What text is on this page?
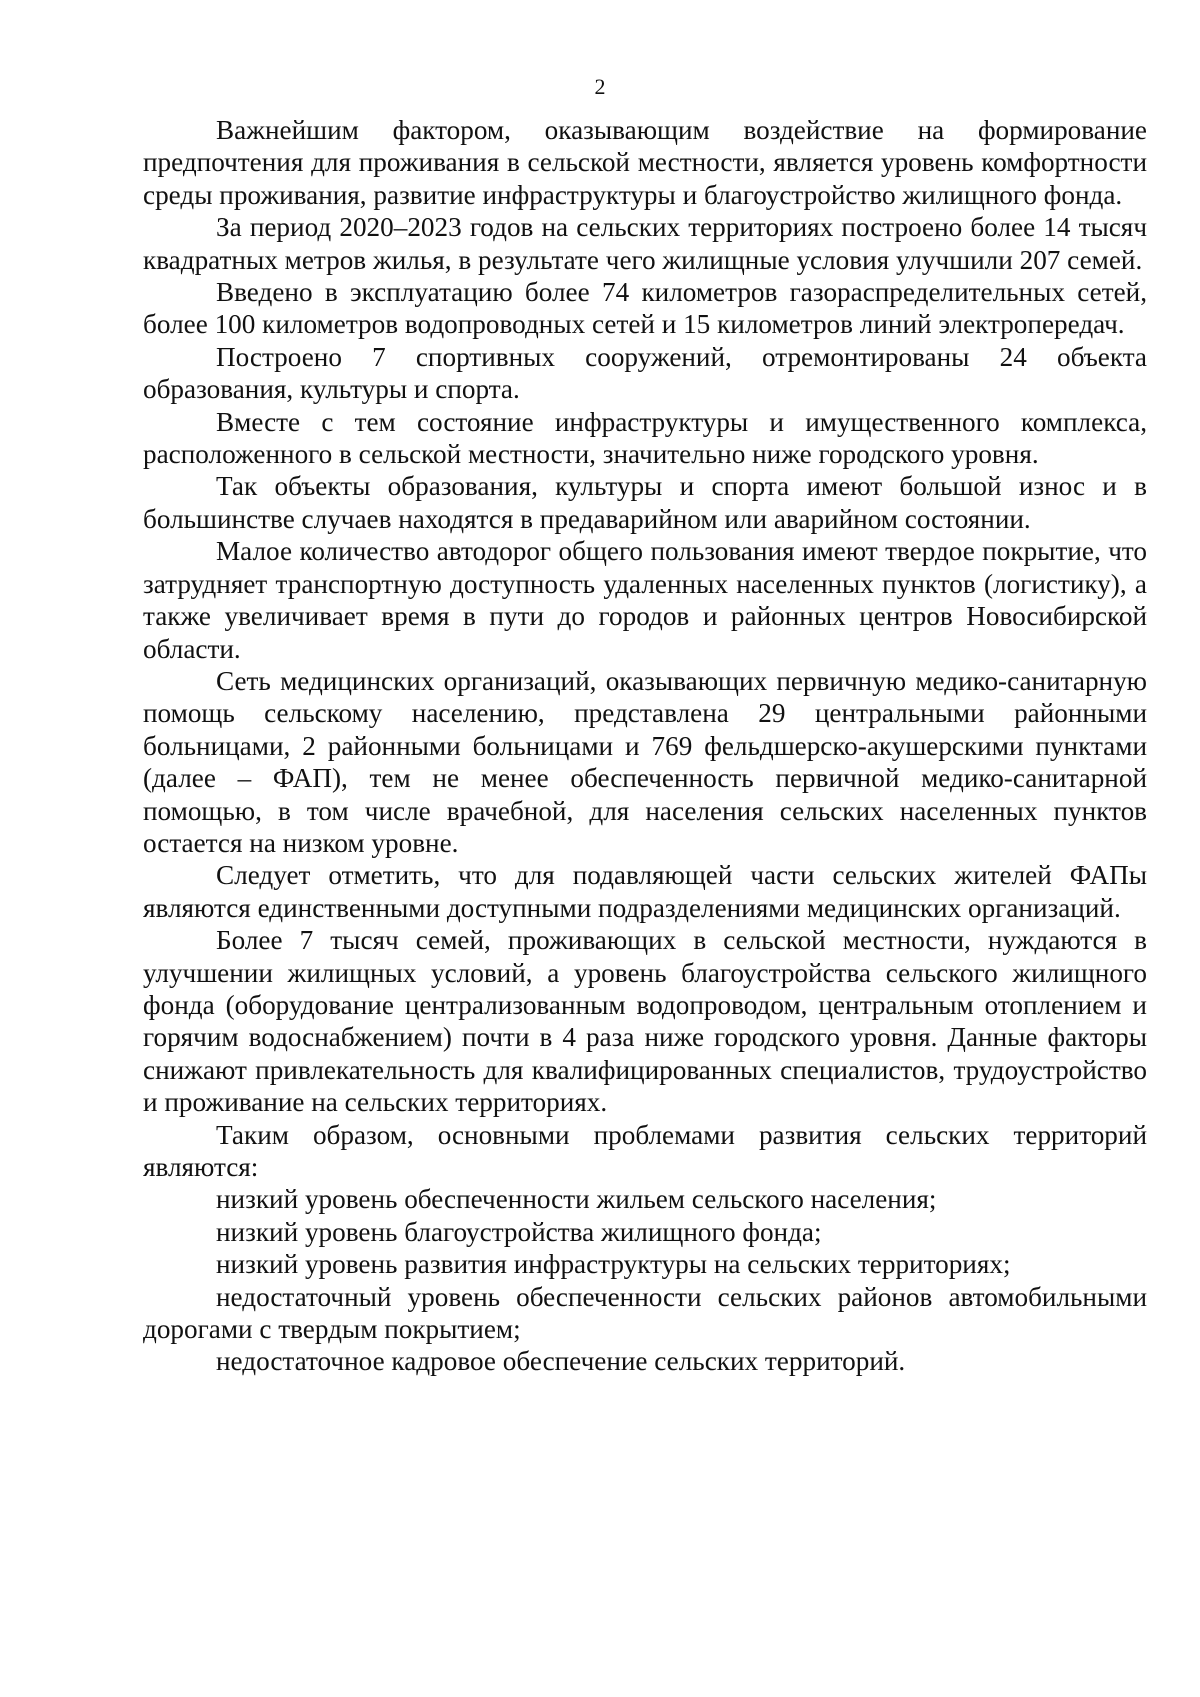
2

Важнейшим фактором, оказывающим воздействие на формирование предпочтения для проживания в сельской местности, является уровень комфортности среды проживания, развитие инфраструктуры и благоустройство жилищного фонда.

За период 2020–2023 годов на сельских территориях построено более 14 тысяч квадратных метров жилья, в результате чего жилищные условия улучшили 207 семей.

Введено в эксплуатацию более 74 километров газораспределительных сетей, более 100 километров водопроводных сетей и 15 километров линий электропередач.

Построено 7 спортивных сооружений, отремонтированы 24 объекта образования, культуры и спорта.

Вместе с тем состояние инфраструктуры и имущественного комплекса, расположенного в сельской местности, значительно ниже городского уровня.

Так объекты образования, культуры и спорта имеют большой износ и в большинстве случаев находятся в предаварийном или аварийном состоянии.

Малое количество автодорог общего пользования имеют твердое покрытие, что затрудняет транспортную доступность удаленных населенных пунктов (логистику), а также увеличивает время в пути до городов и районных центров Новосибирской области.

Сеть медицинских организаций, оказывающих первичную медико-санитарную помощь сельскому населению, представлена 29 центральными районными больницами, 2 районными больницами и 769 фельдшерско-акушерскими пунктами (далее – ФАП), тем не менее обеспеченность первичной медико-санитарной помощью, в том числе врачебной, для населения сельских населенных пунктов остается на низком уровне.

Следует отметить, что для подавляющей части сельских жителей ФАПы являются единственными доступными подразделениями медицинских организаций.

Более 7 тысяч семей, проживающих в сельской местности, нуждаются в улучшении жилищных условий, а уровень благоустройства сельского жилищного фонда (оборудование централизованным водопроводом, центральным отоплением и горячим водоснабжением) почти в 4 раза ниже городского уровня. Данные факторы снижают привлекательность для квалифицированных специалистов, трудоустройство и проживание на сельских территориях.

Таким образом, основными проблемами развития сельских территорий являются:

низкий уровень обеспеченности жильем сельского населения;

низкий уровень благоустройства жилищного фонда;

низкий уровень развития инфраструктуры на сельских территориях;

недостаточный уровень обеспеченности сельских районов автомобильными дорогами с твердым покрытием;

недостаточное кадровое обеспечение сельских территорий.
